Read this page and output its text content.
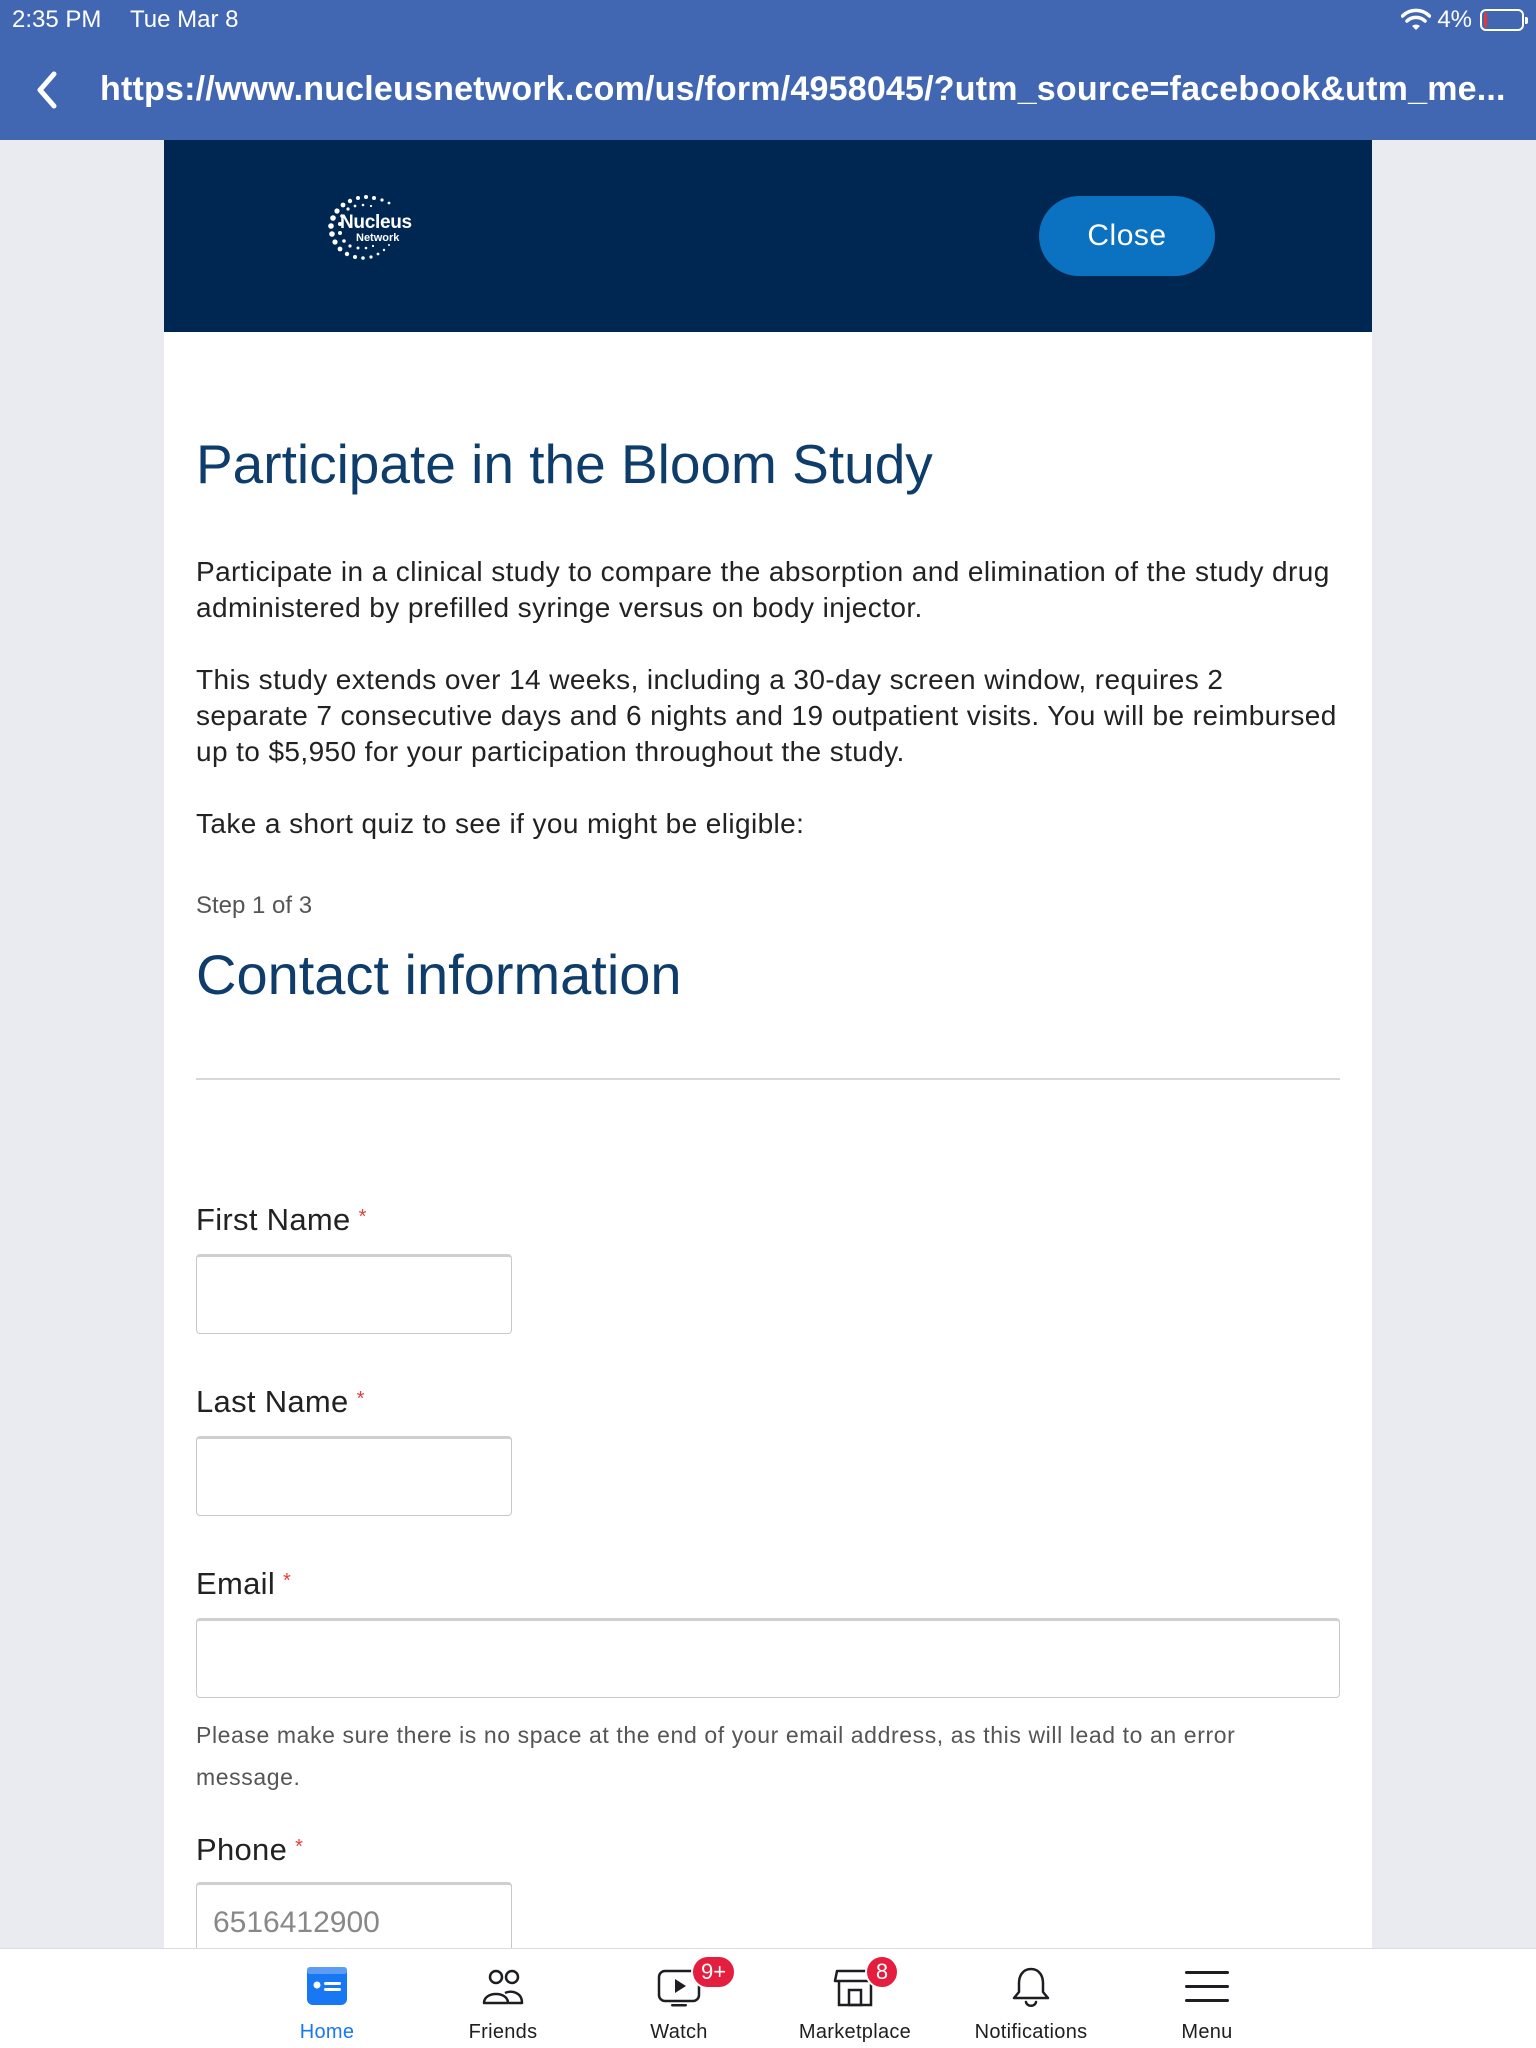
2:35 PM Tue Mar 8	4%
https://www.nucleusnetwork.com/us/form/4958045/?utm_source=facebook&utm_me...
Nucleus
Network	Close
Participate in the Bloom Study

Participate in a clinical study to compare the absorption and elimination of the study drug administered by prefilled syringe versus on body injector.

This study extends over 14 weeks, including a 30-day screen window, requires 2 separate 7 consecutive days and 6 nights and 19 outpatient visits. You will be reimbursed up to $5,950 for your participation throughout the study.

Take a short quiz to see if you might be eligible:

Step 1 of 3
Contact information
First Name *
Last Name *
Email *

Please make sure there is no space at the end of your email address, as this will lead to an error message.

Phone *
6516412900
Home	Friends
9+
Watch
8
Marketplace	Notifications	Menu
